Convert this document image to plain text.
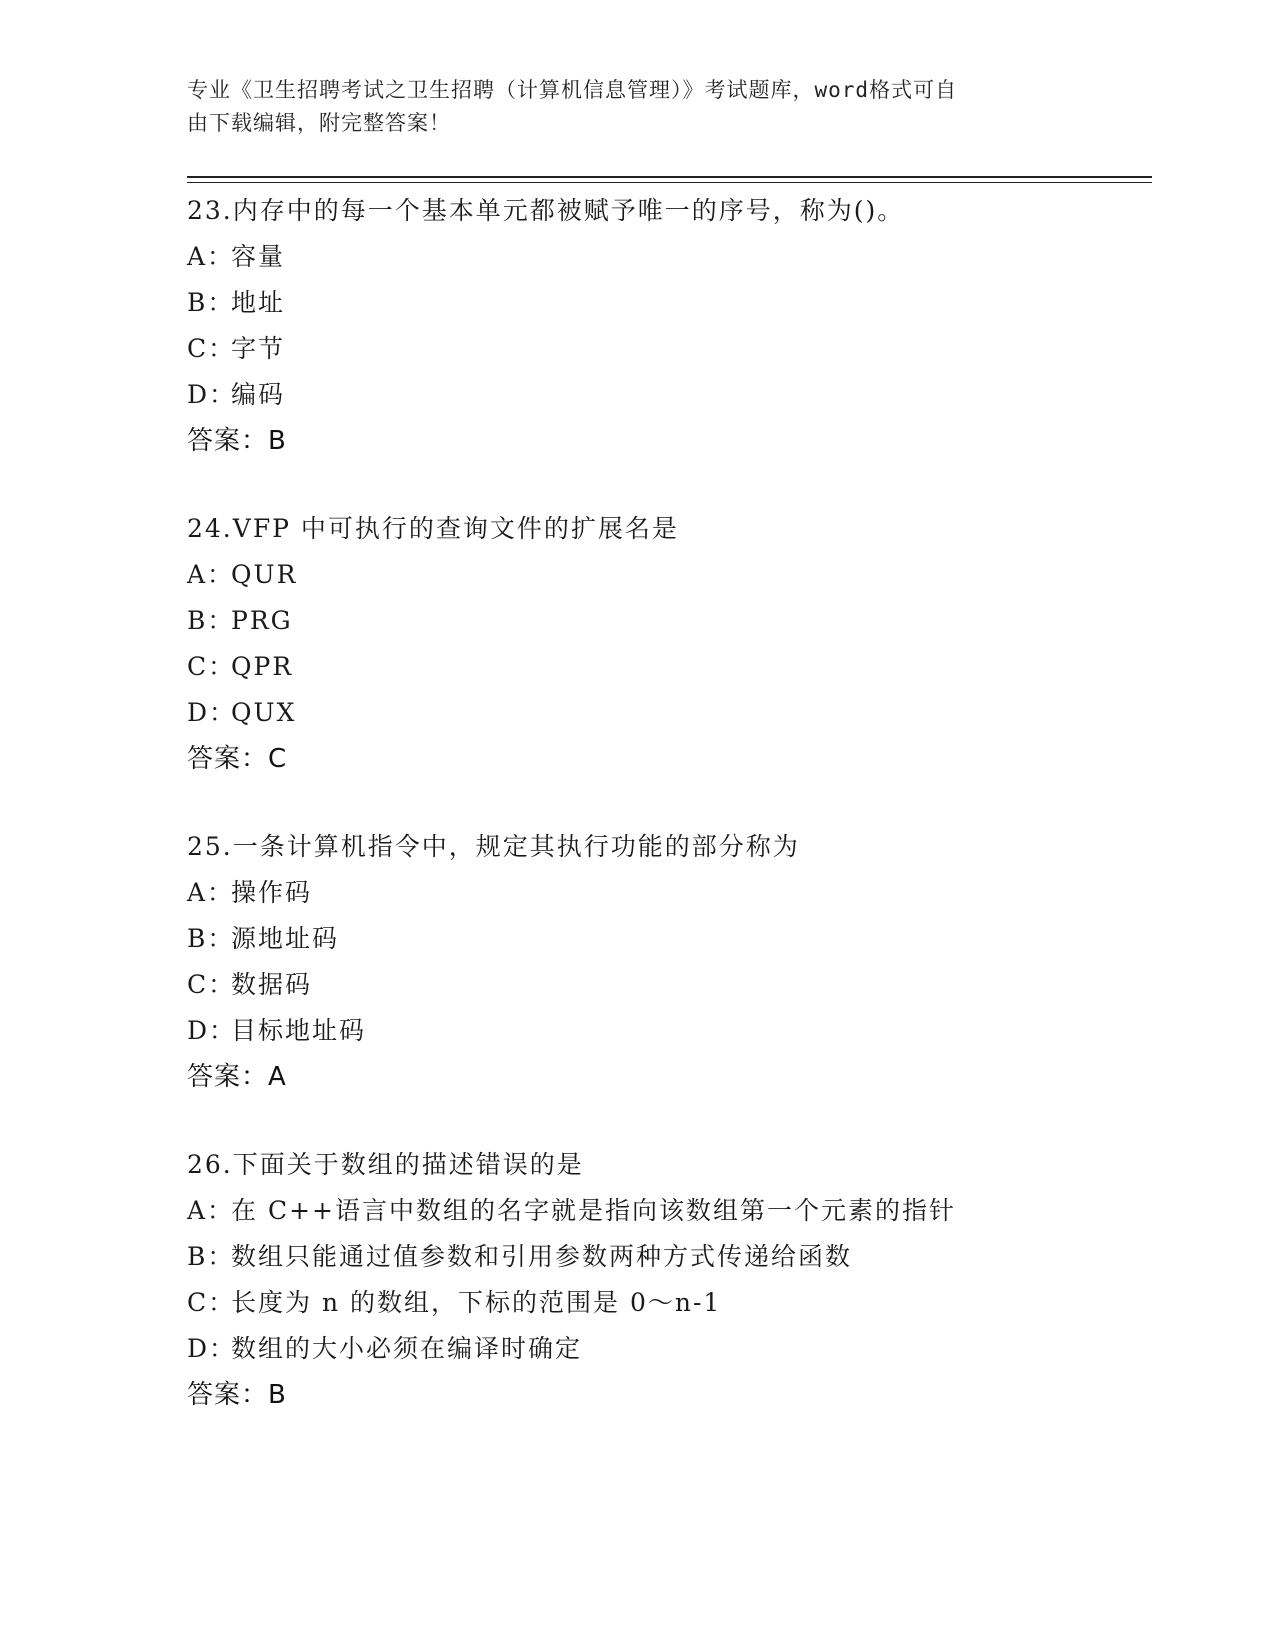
专业《卫生招聘考试之卫生招聘（计算机信息管理）》考试题库，word格式可自
由下载编辑，附完整答案！
23.内存中的每一个基本单元都被赋予唯一的序号，称为()。
A：容量
B：地址
C：字节
D：编码
答案：B
24.VFP 中可执行的查询文件的扩展名是
A：QUR
B：PRG
C：QPR
D：QUX
答案：C
25.一条计算机指令中，规定其执行功能的部分称为
A：操作码
B：源地址码
C：数据码
D：目标地址码
答案：A
26.下面关于数组的描述错误的是
A：在 C++语言中数组的名字就是指向该数组第一个元素的指针
B：数组只能通过值参数和引用参数两种方式传递给函数
C：长度为 n 的数组，下标的范围是 0～n-1
D：数组的大小必须在编译时确定
答案：B
